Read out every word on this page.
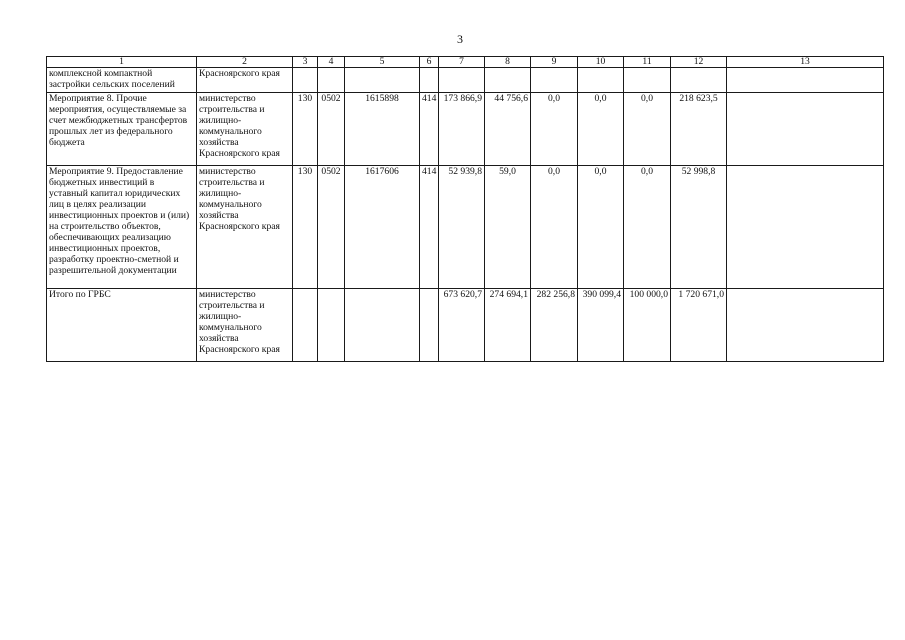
3
1	2	3	4	5	6	7	8	9	10	11	12	13
комплексной компактной застройки сельских поселений	Красноярского края											
Мероприятие 8. Прочие мероприятия, осуществляемые за счет межбюджетных трансфертов прошлых лет из федерального бюджета	министерство строительства и жилищно-коммунального хозяйства Красноярского края	130	0502	1615898	414	173 866,9	44 756,6	0,0	0,0	0,0	218 623,5	
Мероприятие 9. Предоставление бюджетных инвестиций в уставный капитал юридических лиц в целях реализации инвестиционных проектов и (или) на строительство объектов, обеспечивающих реализацию инвестиционных проектов, разработку проектно-сметной и разрешительной документации	министерство строительства и жилищно-коммунального хозяйства Красноярского края	130	0502	1617606	414	52 939,8	59,0	0,0	0,0	0,0	52 998,8	
Итого по ГРБС	министерство строительства и жилищно-коммунального хозяйства Красноярского края					673 620,7	274 694,1	282 256,8	390 099,4	100 000,0	1 720 671,0	
